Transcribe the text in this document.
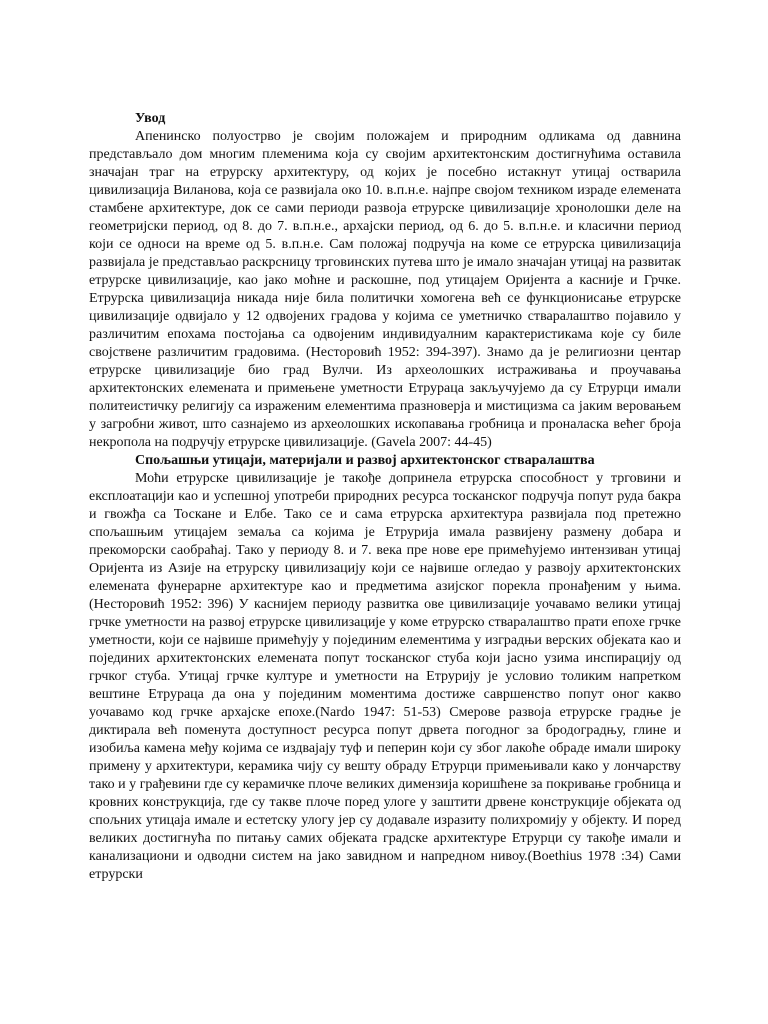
Увод

Апенинско полуострво је својим положајем и природним одликама од давнина представљало дом многим племенима која су својим архитектонским достигнућима оставила значајан траг на етрурску архитектуру, од којих је посебно истакнут утицај остварила цивилизација Виланова, која се развијала око 10. в.п.н.е. најпре својом техником израде елемената стамбене архитектуре, док се сами периоди развоја етрурске цивилизације хронолошки деле на геометријски период, од 8. до 7. в.п.н.е., архајски период, од 6. до 5. в.п.н.е. и класични период који се односи на време од 5. в.п.н.е. Сам положај подручја на коме се етрурска цивилизација развијала је представљао раскрсницу трговинских путева што је имало значајан утицај на развитак етрурске цивилизације, као јако моћне и раскошне, под утицајем Оријента а касније и Грчке. Етрурска цивилизација никада није била политички хомогена већ се функционисање етрурске цивилизације одвијало у 12 одвојених градова у којима се уметничко стваралаштво појавило у различитим епохама постојања са одвојеним индивидуалним карактеристикама које су биле својствене различитим градовима. (Несторовић 1952: 394-397). Знамо да је религиозни центар етрурске цивилизације био град Вулчи. Из археолошких истраживања и проучавања архитектонских елемената и примењене уметности Етрураца закључујемо да су Етрурци имали политеистичку религију са израженим елементима празноверја и мистицизма са јаким веровањем у загробни живот, што сазнајемо из археолошких ископавања гробница и проналаска већег броја некропола на подручју етрурске цивилизације. (Gavela 2007: 44-45)

Спољашњи утицаји, материјали и развој архитектонског стваралаштва

Моћи етрурске цивилизације је такође допринела етрурска способност у трговини и експлоатацији као и успешној употреби природних ресурса тосканског подручја попут руда бакра и гвожђа са Тоскане и Елбе. Тако се и сама етрурска архитектура развијала под претежно спољашњим утицајем земаља са којима је Етрурија имала развијену размену добара и прекоморски саобраћај. Тако у периоду 8. и 7. века пре нове ере примећујемо интензиван утицај Оријента из Азије на етрурску цивилизацију који се највише огледао у развоју архитектонских елемената фунерарне архитектуре као и предметима азијског порекла пронађеним у њима. (Несторовић 1952: 396) У каснијем периоду развитка ове цивилизације уочавамо велики утицај грчке уметности на развој етрурске цивилизације у коме етрурско стваралаштво прати епохе грчке уметности, који се највише примећују у појединим елементима у изградњи верских објеката као и појединих архитектонских елемената попут тосканског стуба који јасно узима инспирацију од грчког стуба. Утицај грчке културе и уметности на Етрурију је условио толиким напретком вештине Етрураца да она у појединим моментима достиже савршенство попут оног какво уочавамо код грчке архајске епохе.(Nardo 1947: 51-53) Смерове развоја етрурске градње је диктирала већ поменута доступност ресурса попут дрвета погодног за бродоградњу, глине и изобиља камена међу којима се издвајају туф и пеперин који су због лакоће обраде имали широку примену у архитектури, керамика чију су вешту обраду Етрурци примењивали како у лончарству тако и у грађевини где су керамичке плоче великих димензија коришћене за покривање гробница и кровних конструкција, где су такве плоче поред улоге у заштити дрвене конструкције објеката од спољних утицаја имале и естетску улогу јер су додавале изразиту полихромију у објекту. И поред великих достигнућа по питању самих објеката градске архитектуре Етрурци су такође имали и канализациони и одводни систем на јако завидном и напредном нивоу.(Boethius 1978 :34) Сами етрурски
